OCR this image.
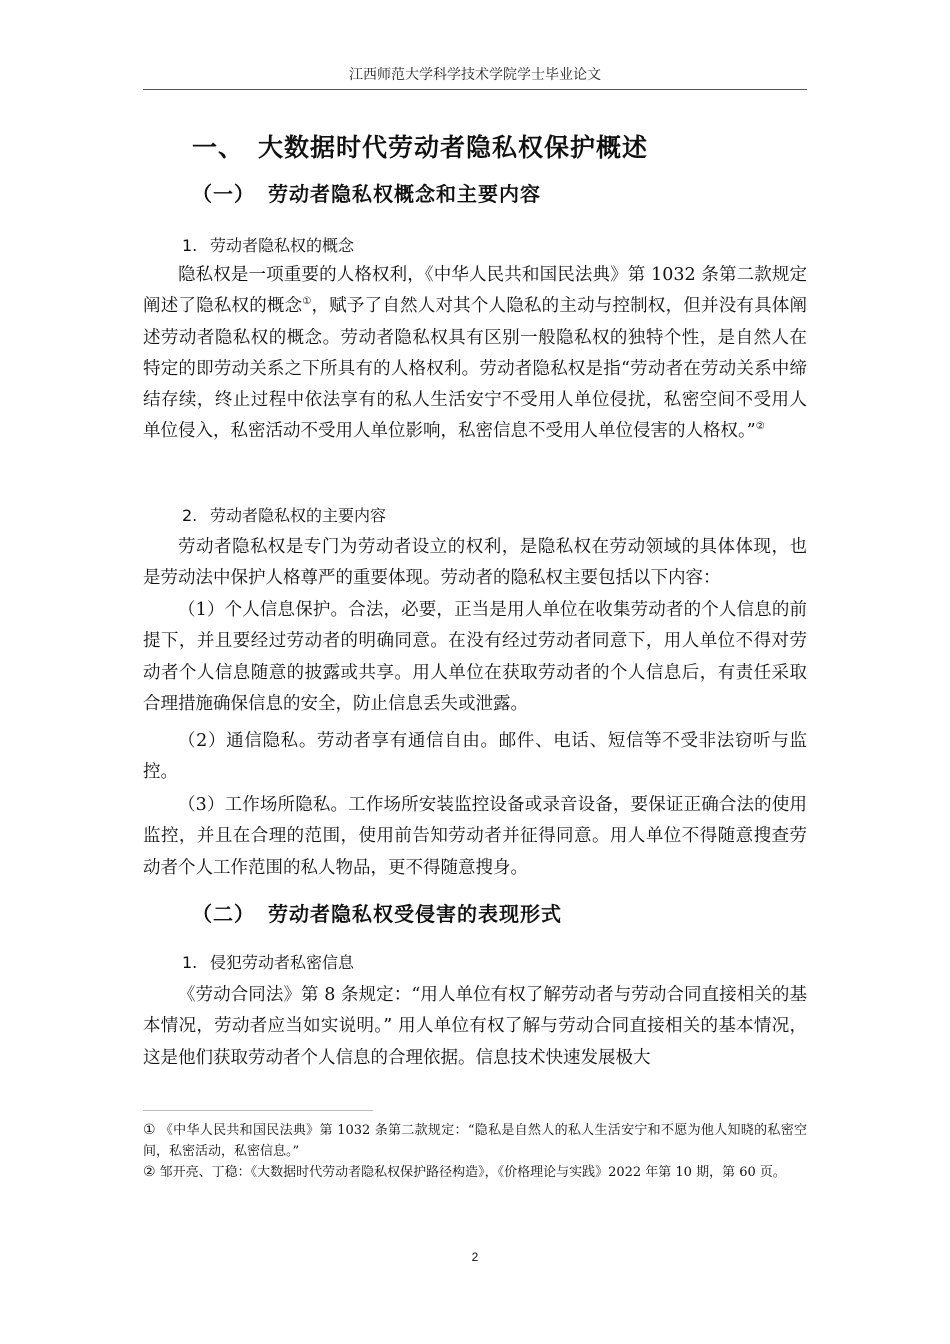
江西师范大学科学技术学院学士毕业论文
一、 大数据时代劳动者隐私权保护概述
（一） 劳动者隐私权概念和主要内容
1. 劳动者隐私权的概念

隐私权是一项重要的人格权利，《中华人民共和国民法典》第 1032 条第二款规定阐述了隐私权的概念①，赋予了自然人对其个人隐私的主动与控制权，但并没有具体阐述劳动者隐私权的概念。劳动者隐私权具有区别一般隐私权的独特个性，是自然人在特定的即劳动关系之下所具有的人格权利。劳动者隐私权是指“劳动者在劳动关系中缔结存续，终止过程中依法享有的私人生活安宁不受用人单位侵扰，私密空间不受用人单位侵入，私密活动不受用人单位影响，私密信息不受用人单位侵害的人格权。”②

2. 劳动者隐私权的主要内容

劳动者隐私权是专门为劳动者设立的权利，是隐私权在劳动领域的具体体现，也是劳动法中保护人格尊严的重要体现。劳动者的隐私权主要包括以下内容：

（1）个人信息保护。合法，必要，正当是用人单位在收集劳动者的个人信息的前提下，并且要经过劳动者的明确同意。在没有经过劳动者同意下，用人单位不得对劳动者个人信息随意的披露或共享。用人单位在获取劳动者的个人信息后，有责任采取合理措施确保信息的安全，防止信息丢失或泄露。

（2）通信隐私。劳动者享有通信自由。邮件、电话、短信等不受非法窃听与监控。

（3）工作场所隐私。工作场所安装监控设备或录音设备，要保证正确合法的使用监控，并且在合理的范围，使用前告知劳动者并征得同意。用人单位不得随意搜查劳动者个人工作范围的私人物品，更不得随意搜身。

（二） 劳动者隐私权受侵害的表现形式
1. 侵犯劳动者私密信息

《劳动合同法》第 8 条规定：“用人单位有权了解劳动者与劳动合同直接相关的基本情况，劳动者应当如实说明。” 用人单位有权了解与劳动合同直接相关的基本情况，这是他们获取劳动者个人信息的合理依据。信息技术快速发展极大

① 《中华人民共和国民法典》第 1032 条第二款规定：“隐私是自然人的私人生活安宁和不愿为他人知晓的私密空间，私密活动，私密信息。”

② 邹开亮、丁稳：《大数据时代劳动者隐私权保护路径构造》，《价格理论与实践》2022 年第 10 期，第 60 页。

2
